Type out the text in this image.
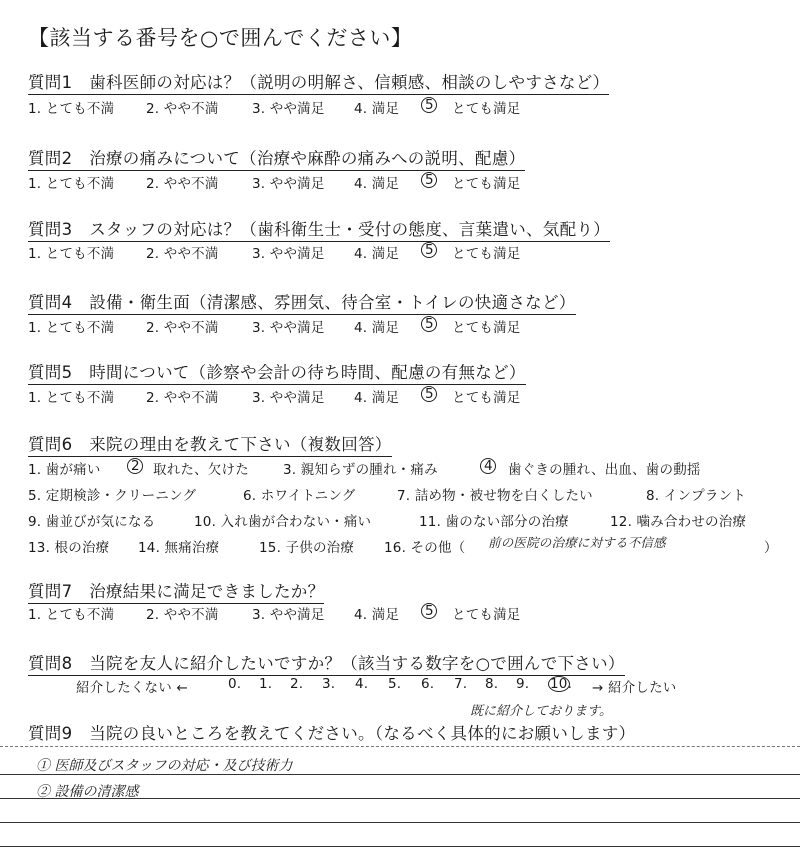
【該当する番号を○で囲んでください】
質問1　歯科医師の対応は？（説明の明解さ、信頼感、相談のしやすさなど）
1. とても不満 2. やや不満 3. やや満足 4. 満足 5 とても満足
質問2　治療の痛みについて（治療や麻酔の痛みへの説明、配慮）
1. とても不満 2. やや不満 3. やや満足 4. 満足 5 とても満足
質問3　スタッフの対応は？（歯科衛生士・受付の態度、言葉遣い、気配り）
1. とても不満 2. やや不満 3. やや満足 4. 満足 5 とても満足
質問4　設備・衛生面（清潔感、雰囲気、待合室・トイレの快適さなど）
1. とても不満 2. やや不満 3. やや満足 4. 満足 5 とても満足
質問5　時間について（診察や会計の待ち時間、配慮の有無など）
1. とても不満 2. やや不満 3. やや満足 4. 満足 5 とても満足
質問6　来院の理由を教えて下さい（複数回答）
1. 歯が痛い 2 取れた、欠けた	3. 親知らずの腫れ・痛み	4 歯ぐきの腫れ、出血、歯の動揺
5. 定期検診・クリーニング	6. ホワイトニング	7. 詰め物・被せ物を白くしたい	8. インプラント
9. 歯並びが気になる	10. 入れ歯が合わない・痛い	11. 歯のない部分の治療	12. 噛み合わせの治療
13. 根の治療 14. 無痛治療	15. 子供の治療 16. その他（ 前の医院の治療に対する不信感	）
質問7　治療結果に満足できましたか？
1. とても不満 2. やや不満 3. やや満足 4. 満足 5 とても満足
質問8　当院を友人に紹介したいですか？（該当する数字を○で囲んで下さい）
紹介したくない ←	0. 1. 2. 3. 4. 5. 6. 7. 8. 9. 10. → 紹介したい
既に紹介しております。
質問9　当院の良いところを教えてください。（なるべく具体的にお願いします）
① 医師及びスタッフの対応・及び技術力
② 設備の清潔感
